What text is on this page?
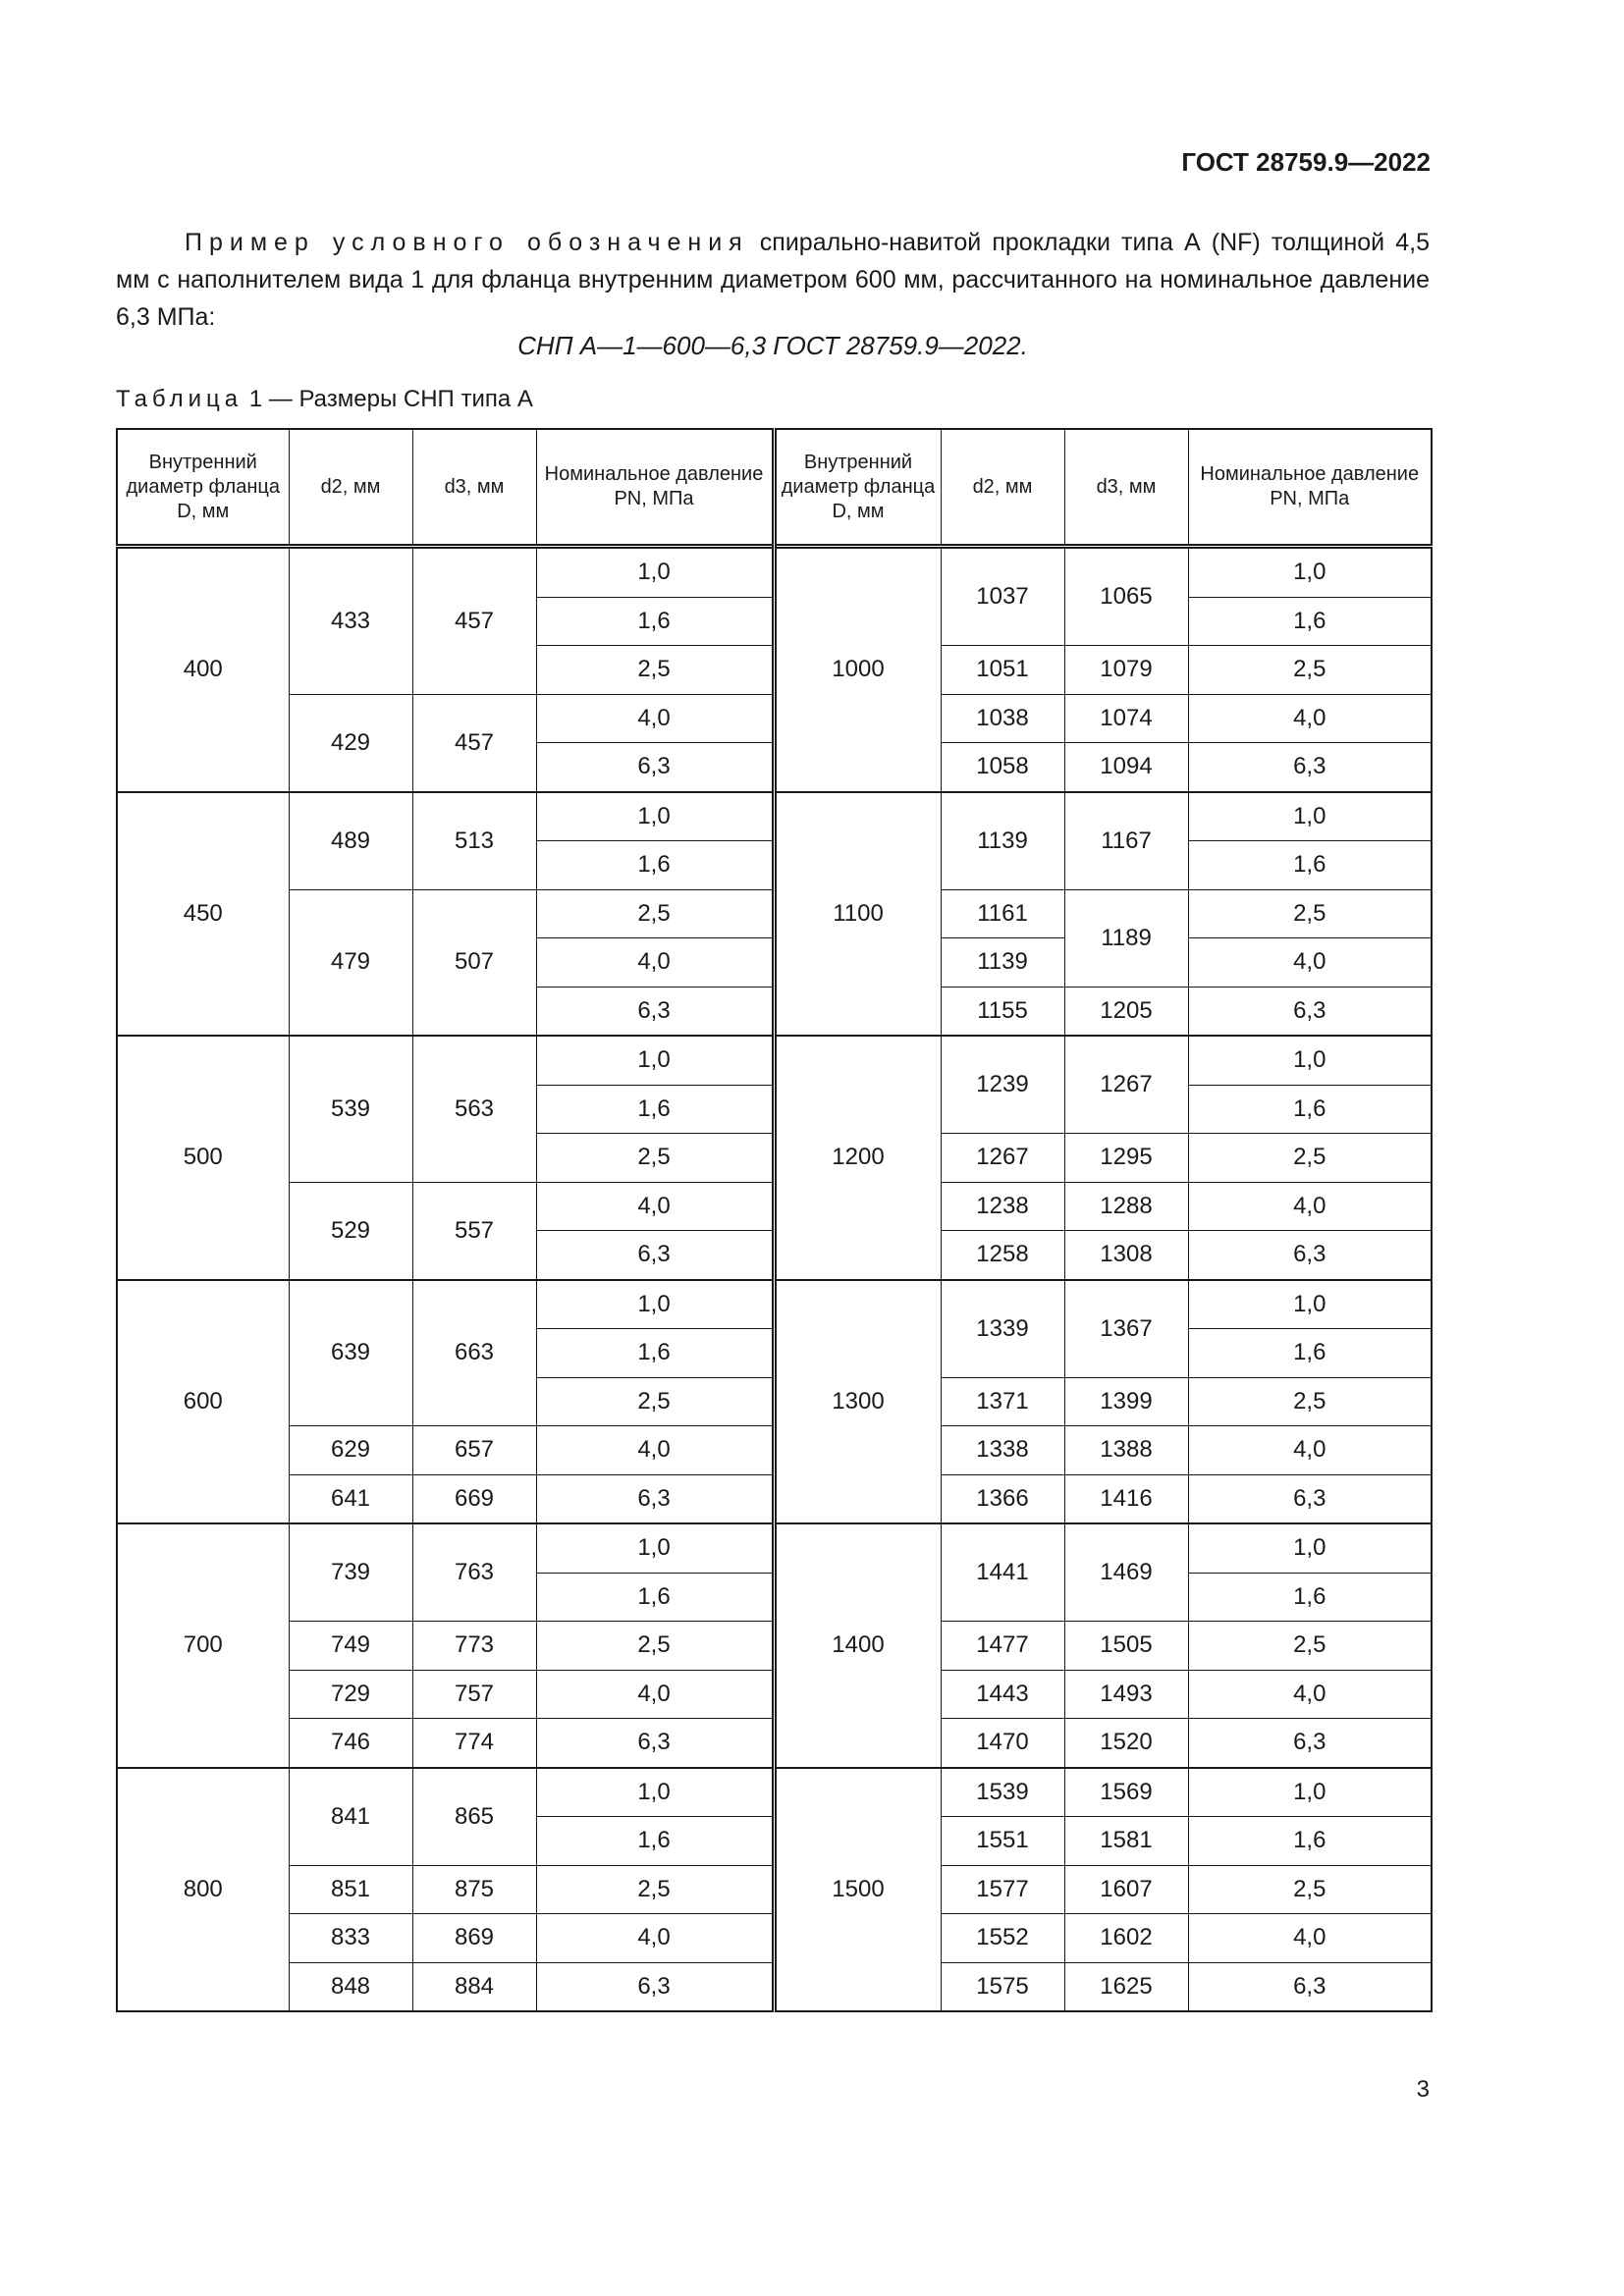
ГОСТ 28759.9—2022
Пример условного обозначения спирально-навитой прокладки типа А (NF) толщиной 4,5 мм с наполнителем вида 1 для фланца внутренним диаметром 600 мм, рассчитанного на номинальное давление 6,3 МПа:
СНП А—1—600—6,3 ГОСТ 28759.9—2022.
Таблица 1 — Размеры СНП типа А
Внутренний диаметр фланца D, мм	d2, мм	d3, мм	Номинальное давление PN, МПа	Внутренний диаметр фланца D, мм	d2, мм	d3, мм	Номинальное давление PN, МПа
400	433	457	1,0	1000	1037	1065	1,0
			1,6				1,6
			2,5		1051	1079	2,5
	429	457	4,0		1038	1074	4,0
			6,3		1058	1094	6,3
450	489	513	1,0	1100	1139	1167	1,0
			1,6				1,6
	479	507	2,5		1161	1189	2,5
			4,0		1139		4,0
			6,3		1155	1205	6,3
500	539	563	1,0	1200	1239	1267	1,0
			1,6				1,6
			2,5		1267	1295	2,5
	529	557	4,0		1238	1288	4,0
			6,3		1258	1308	6,3
600	639	663	1,0	1300	1339	1367	1,0
			1,6				1,6
			2,5		1371	1399	2,5
	629	657	4,0		1338	1388	4,0
	641	669	6,3		1366	1416	6,3
700	739	763	1,0	1400	1441	1469	1,0
			1,6				1,6
	749	773	2,5		1477	1505	2,5
	729	757	4,0		1443	1493	4,0
	746	774	6,3		1470	1520	6,3
800	841	865	1,0	1500	1539	1569	1,0
			1,6		1551	1581	1,6
	851	875	2,5		1577	1607	2,5
	833	869	4,0		1552	1602	4,0
	848	884	6,3		1575	1625	6,3
3
